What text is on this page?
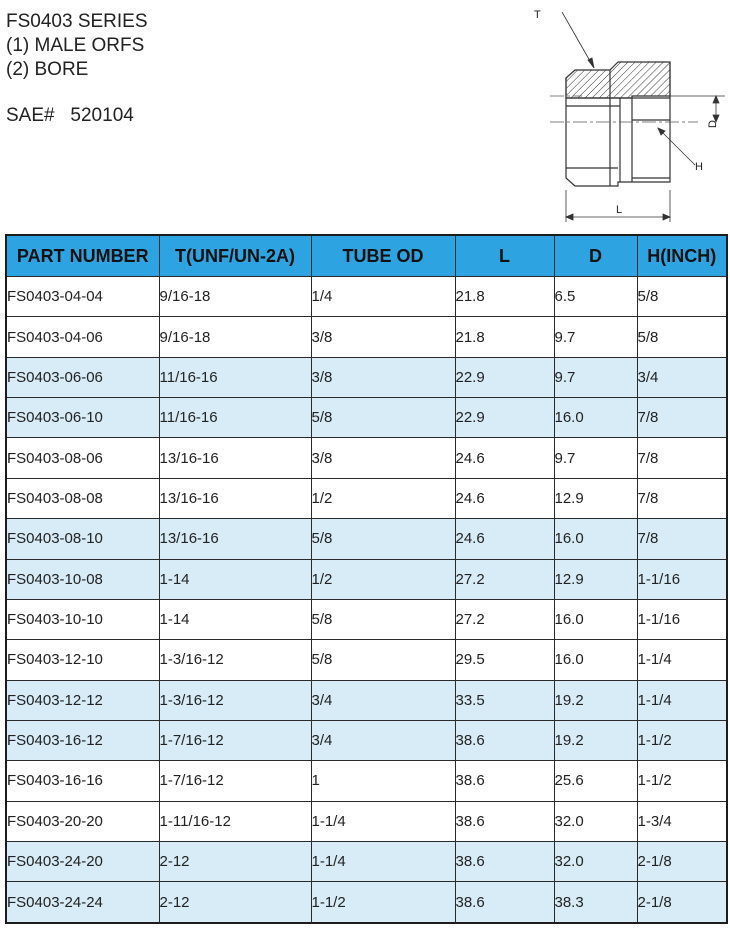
FS0403 SERIES
(1) MALE ORFS
(2) BORE
SAE#   520104
T
D
H
L
PART NUMBER	T(UNF/UN-2A)	TUBE OD	L	D	H(INCH)
FS0403-04-04	9/16-18	1/4	21.8	6.5	5/8
FS0403-04-06	9/16-18	3/8	21.8	9.7	5/8
FS0403-06-06	11/16-16	3/8	22.9	9.7	3/4
FS0403-06-10	11/16-16	5/8	22.9	16.0	7/8
FS0403-08-06	13/16-16	3/8	24.6	9.7	7/8
FS0403-08-08	13/16-16	1/2	24.6	12.9	7/8
FS0403-08-10	13/16-16	5/8	24.6	16.0	7/8
FS0403-10-08	1-14	1/2	27.2	12.9	1-1/16
FS0403-10-10	1-14	5/8	27.2	16.0	1-1/16
FS0403-12-10	1-3/16-12	5/8	29.5	16.0	1-1/4
FS0403-12-12	1-3/16-12	3/4	33.5	19.2	1-1/4
FS0403-16-12	1-7/16-12	3/4	38.6	19.2	1-1/2
FS0403-16-16	1-7/16-12	1	38.6	25.6	1-1/2
FS0403-20-20	1-11/16-12	1-1/4	38.6	32.0	1-3/4
FS0403-24-20	2-12	1-1/4	38.6	32.0	2-1/8
FS0403-24-24	2-12	1-1/2	38.6	38.3	2-1/8
